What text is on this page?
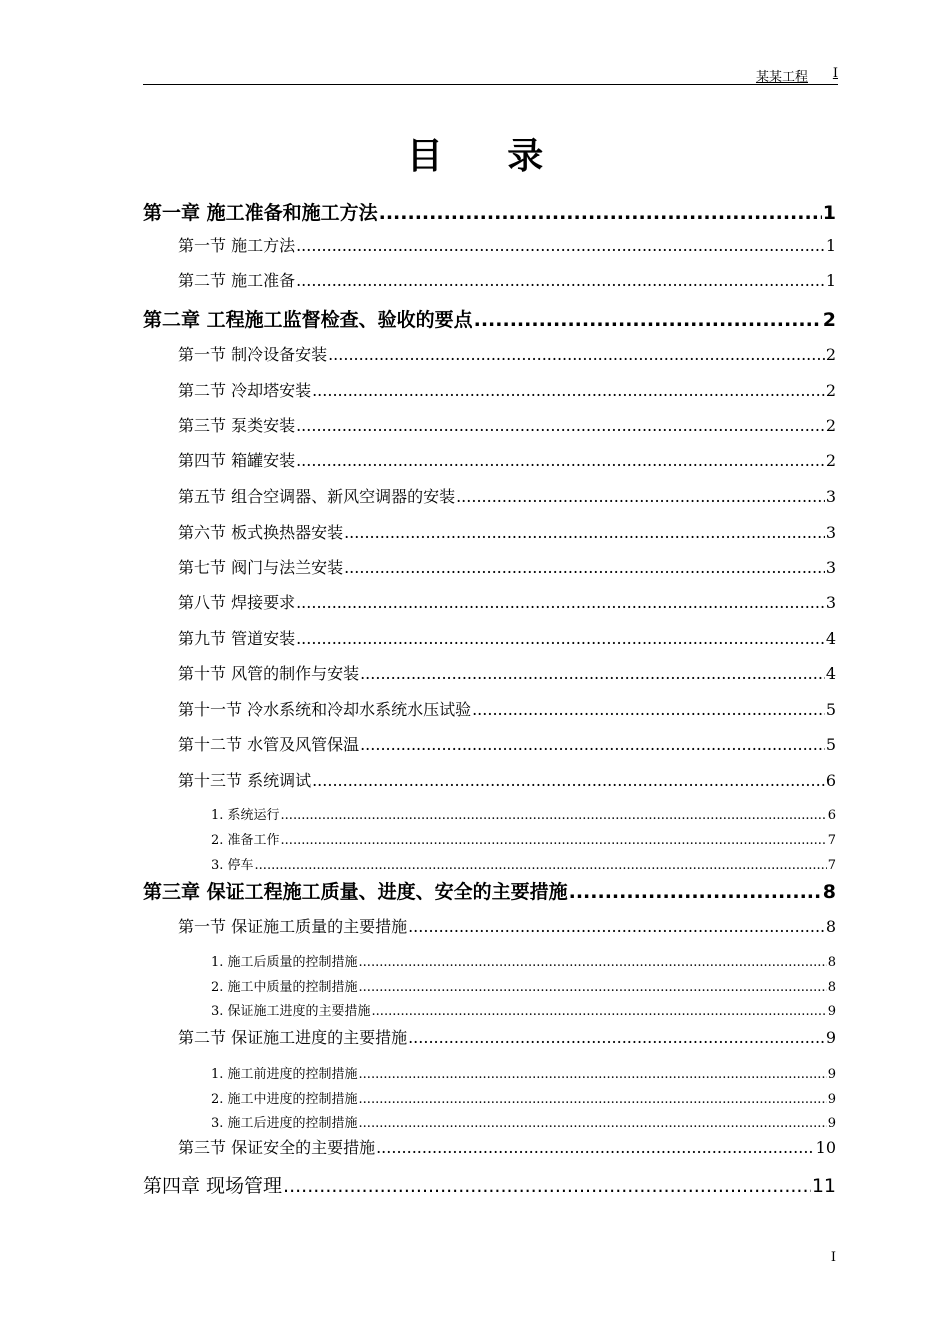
某某工程 I
目 录
第一章 施工准备和施工方法 .....	1
第一节 施工方法 .....	1
第二节 施工准备 .....	1
第二章 工程施工监督检查、验收的要点 .....	2
第一节 制冷设备安装 .....	2
第二节 冷却塔安装 .....	2
第三节 泵类安装 .....	2
第四节 箱罐安装 .....	2
第五节 组合空调器、新风空调器的安装 .....	3
第六节 板式换热器安装 .....	3
第七节 阀门与法兰安装 .....	3
第八节 焊接要求 .....	3
第九节 管道安装 .....	4
第十节 风管的制作与安装 .....	4
第十一节 冷水系统和冷却水系统水压试验 .....	5
第十二节 水管及风管保温 .....	5
第十三节 系统调试 .....	6
1. 系统运行 .....	6
2. 准备工作 .....	7
3. 停车 .....	7
第三章 保证工程施工质量、进度、安全的主要措施 .....	8
第一节 保证施工质量的主要措施 .....	8
1. 施工后质量的控制措施 .....	8
2. 施工中质量的控制措施 .....	8
3. 保证施工进度的主要措施 .....	9
第二节 保证施工进度的主要措施 .....	9
1. 施工前进度的控制措施 .....	9
2. 施工中进度的控制措施 .....	9
3. 施工后进度的控制措施 .....	9
第三节 保证安全的主要措施 .....	10
第四章 现场管理 .....	11
I
